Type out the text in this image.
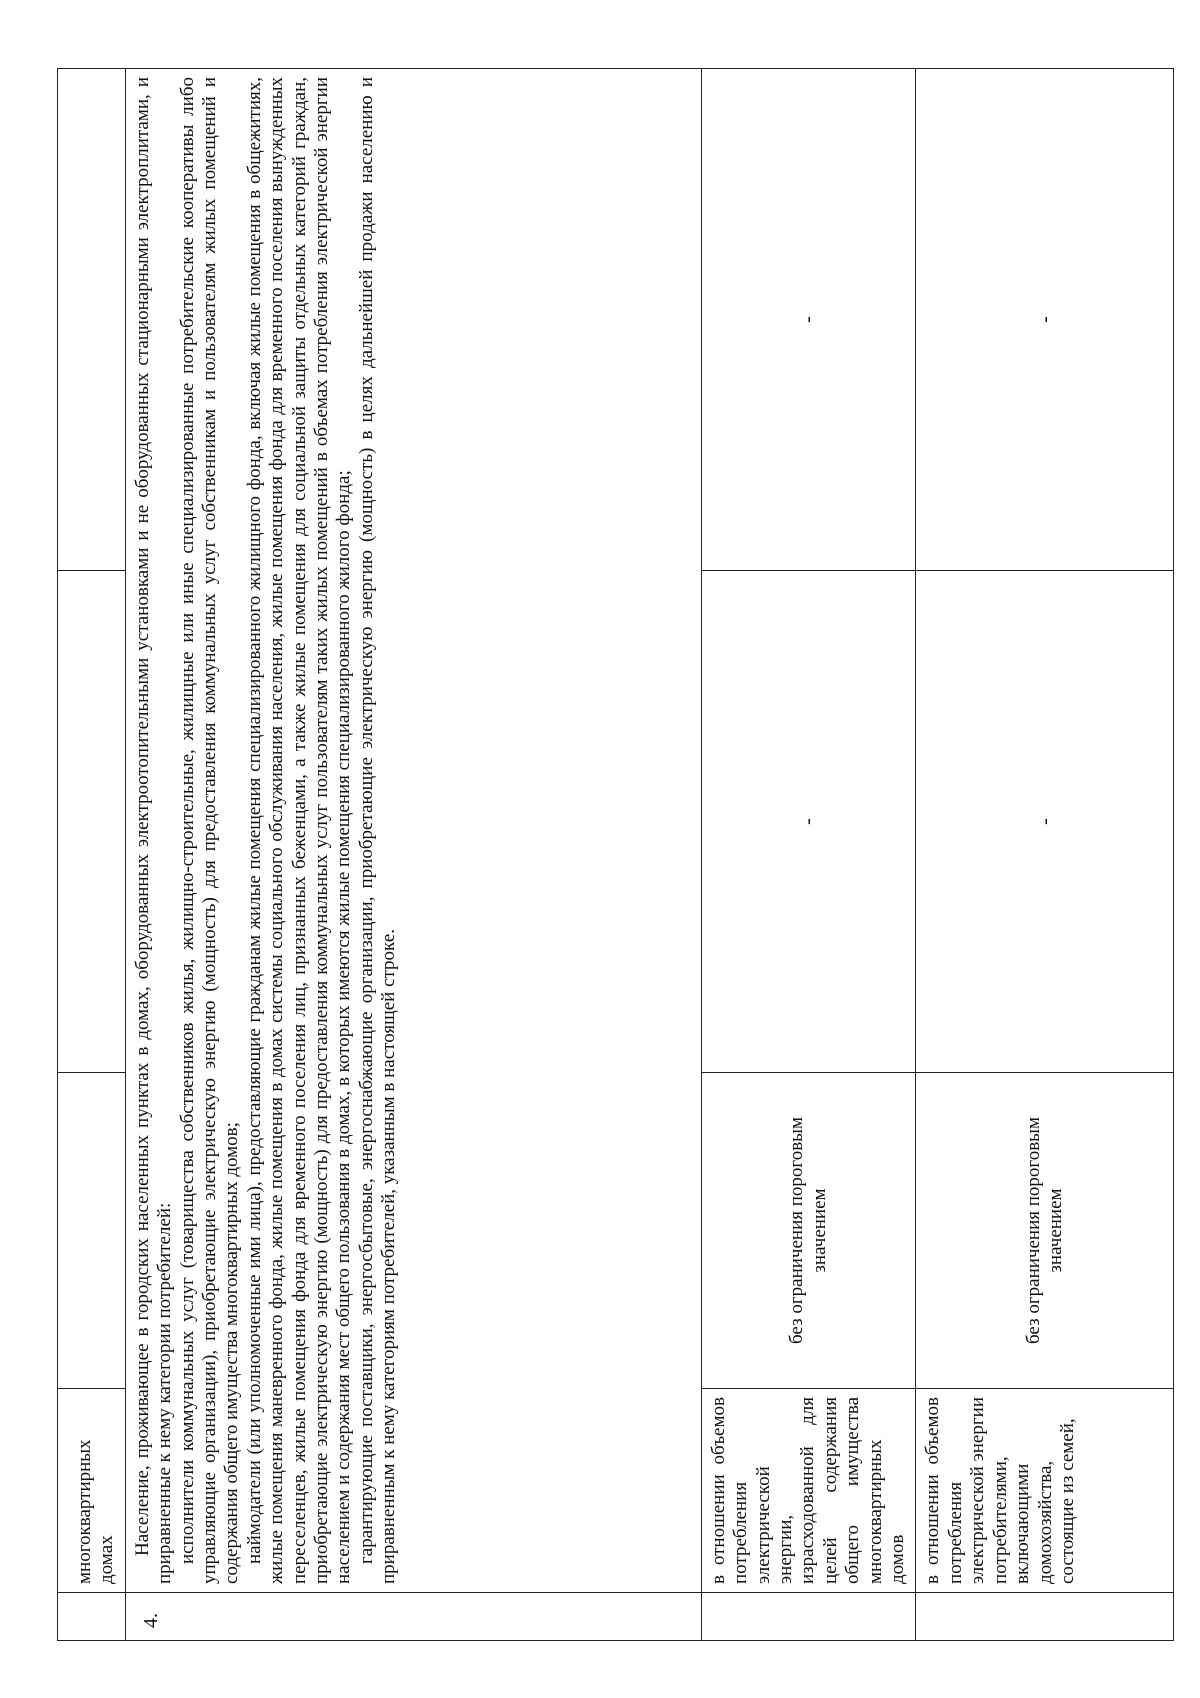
	многоквартирных домах			
4.	Население, проживающее в городских населенных пунктах в домах, оборудованных электроотопительными установками и не оборудованных стационарными электроплитами, и приравненные к нему категории потребителей: исполнители коммунальных услуг (товарищества собственников жилья, жилищно-строительные, жилищные или иные специализированные потребительские кооперативы либо управляющие организации), приобретающие электрическую энергию (мощность) для предоставления коммунальных услуг собственникам и пользователям жилых помещений и содержания общего имущества многоквартирных домов; наймодатели (или уполномоченные ими лица), предоставляющие гражданам жилые помещения специализированного жилищного фонда, включая жилые помещения в общежитиях, жилые помещения маневренного фонда, жилые помещения в домах системы социального обслуживания населения, жилые помещения фонда для временного поселения вынужденных переселенцев, жилые помещения фонда для временного поселения лиц, признанных беженцами, а также жилые помещения для социальной защиты отдельных категорий граждан, приобретающие электрическую энергию (мощность) для предоставления коммунальных услуг пользователям таких жилых помещений в объемах потребления электрической энергии населением и содержания мест общего пользования в домах, в которых имеются жилые помещения специализированного жилого фонда; гарантирующие поставщики, энергосбытовые, энергоснабжающие организации, приобретающие электрическую энергию (мощность) в целях дальнейшей продажи населению и приравненным к нему категориям потребителей, указанным в настоящей строке.			

	в отношении объемов потребления электрической энергии, израсходованной для целей содержания общего имущества многоквартирных домов	без ограничения пороговым значением	-	-
	в отношении объемов потребления электрической энергии потребителями, включающими домохозяйства, состоящие из семей,	без ограничения пороговым значением	-	-
